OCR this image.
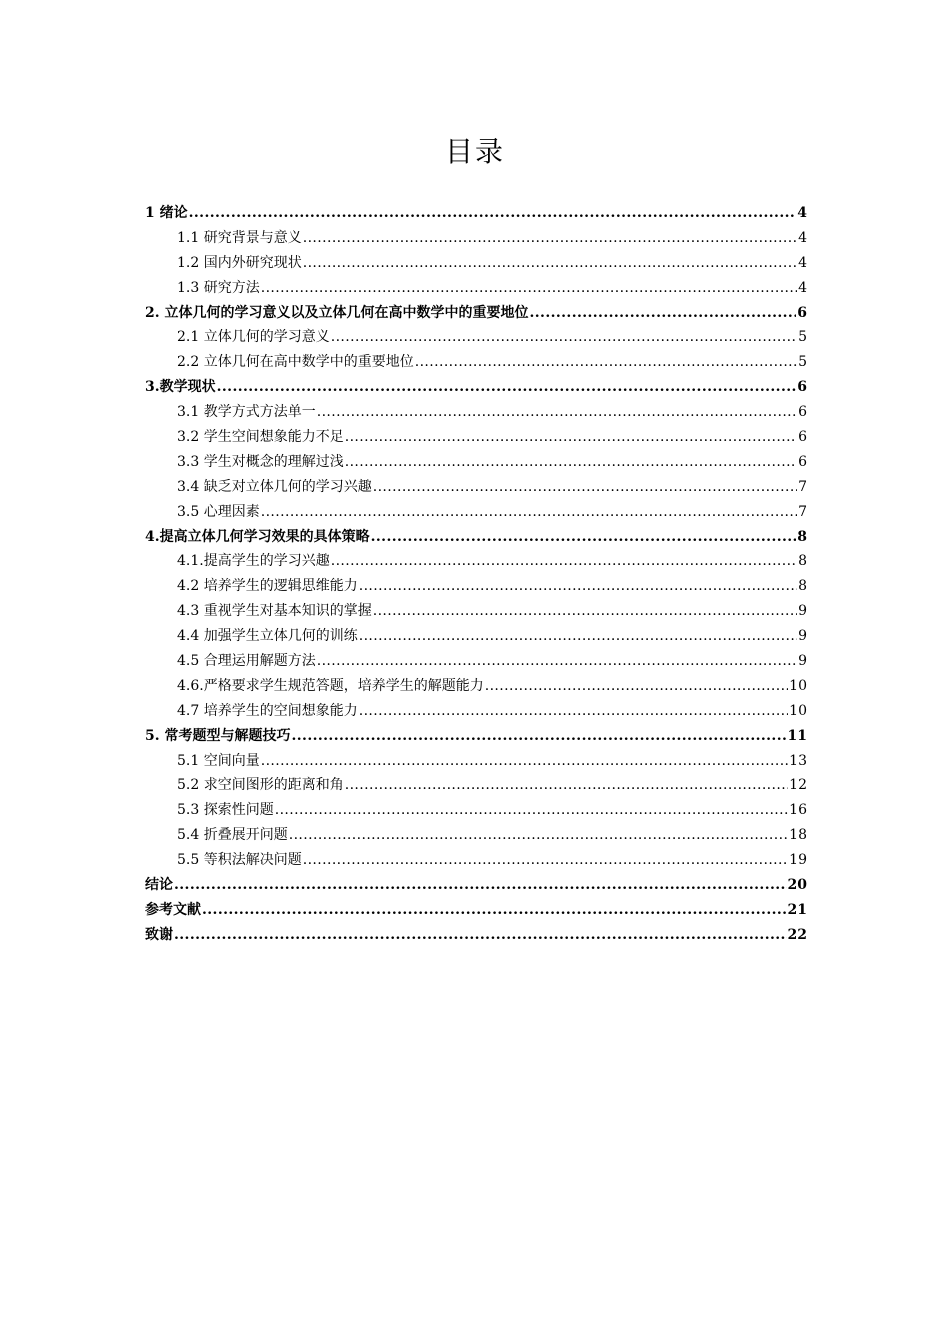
目录
1 绪论 .....	4
1.1 研究背景与意义 .....	4
1.2 国内外研究现状 .....	4
1.3 研究方法 .....	4
2. 立体几何的学习意义以及立体几何在高中数学中的重要地位 .....	6
2.1 立体几何的学习意义 .....	5
2.2 立体几何在高中数学中的重要地位 .....	5
3.教学现状 .....	6
3.1 教学方式方法单一 .....	6
3.2 学生空间想象能力不足 .....	6
3.3 学生对概念的理解过浅 .....	6
3.4 缺乏对立体几何的学习兴趣 .....	7
3.5 心理因素 .....	7
4.提高立体几何学习效果的具体策略 .....	8
4.1.提高学生的学习兴趣 .....	8
4.2 培养学生的逻辑思维能力 .....	8
4.3 重视学生对基本知识的掌握 .....	9
4.4 加强学生立体几何的训练 .....	9
4.5 合理运用解题方法 .....	9
4.6.严格要求学生规范答题，培养学生的解题能力 .....	10
4.7 培养学生的空间想象能力 .....	10
5. 常考题型与解题技巧 .....	11
5.1 空间向量 .....	13
5.2 求空间图形的距离和角 .....	12
5.3 探索性问题 .....	16
5.4 折叠展开问题 .....	18
5.5 等积法解决问题 .....	19
结论 .....	20
参考文献 .....	21
致谢 .....	22
